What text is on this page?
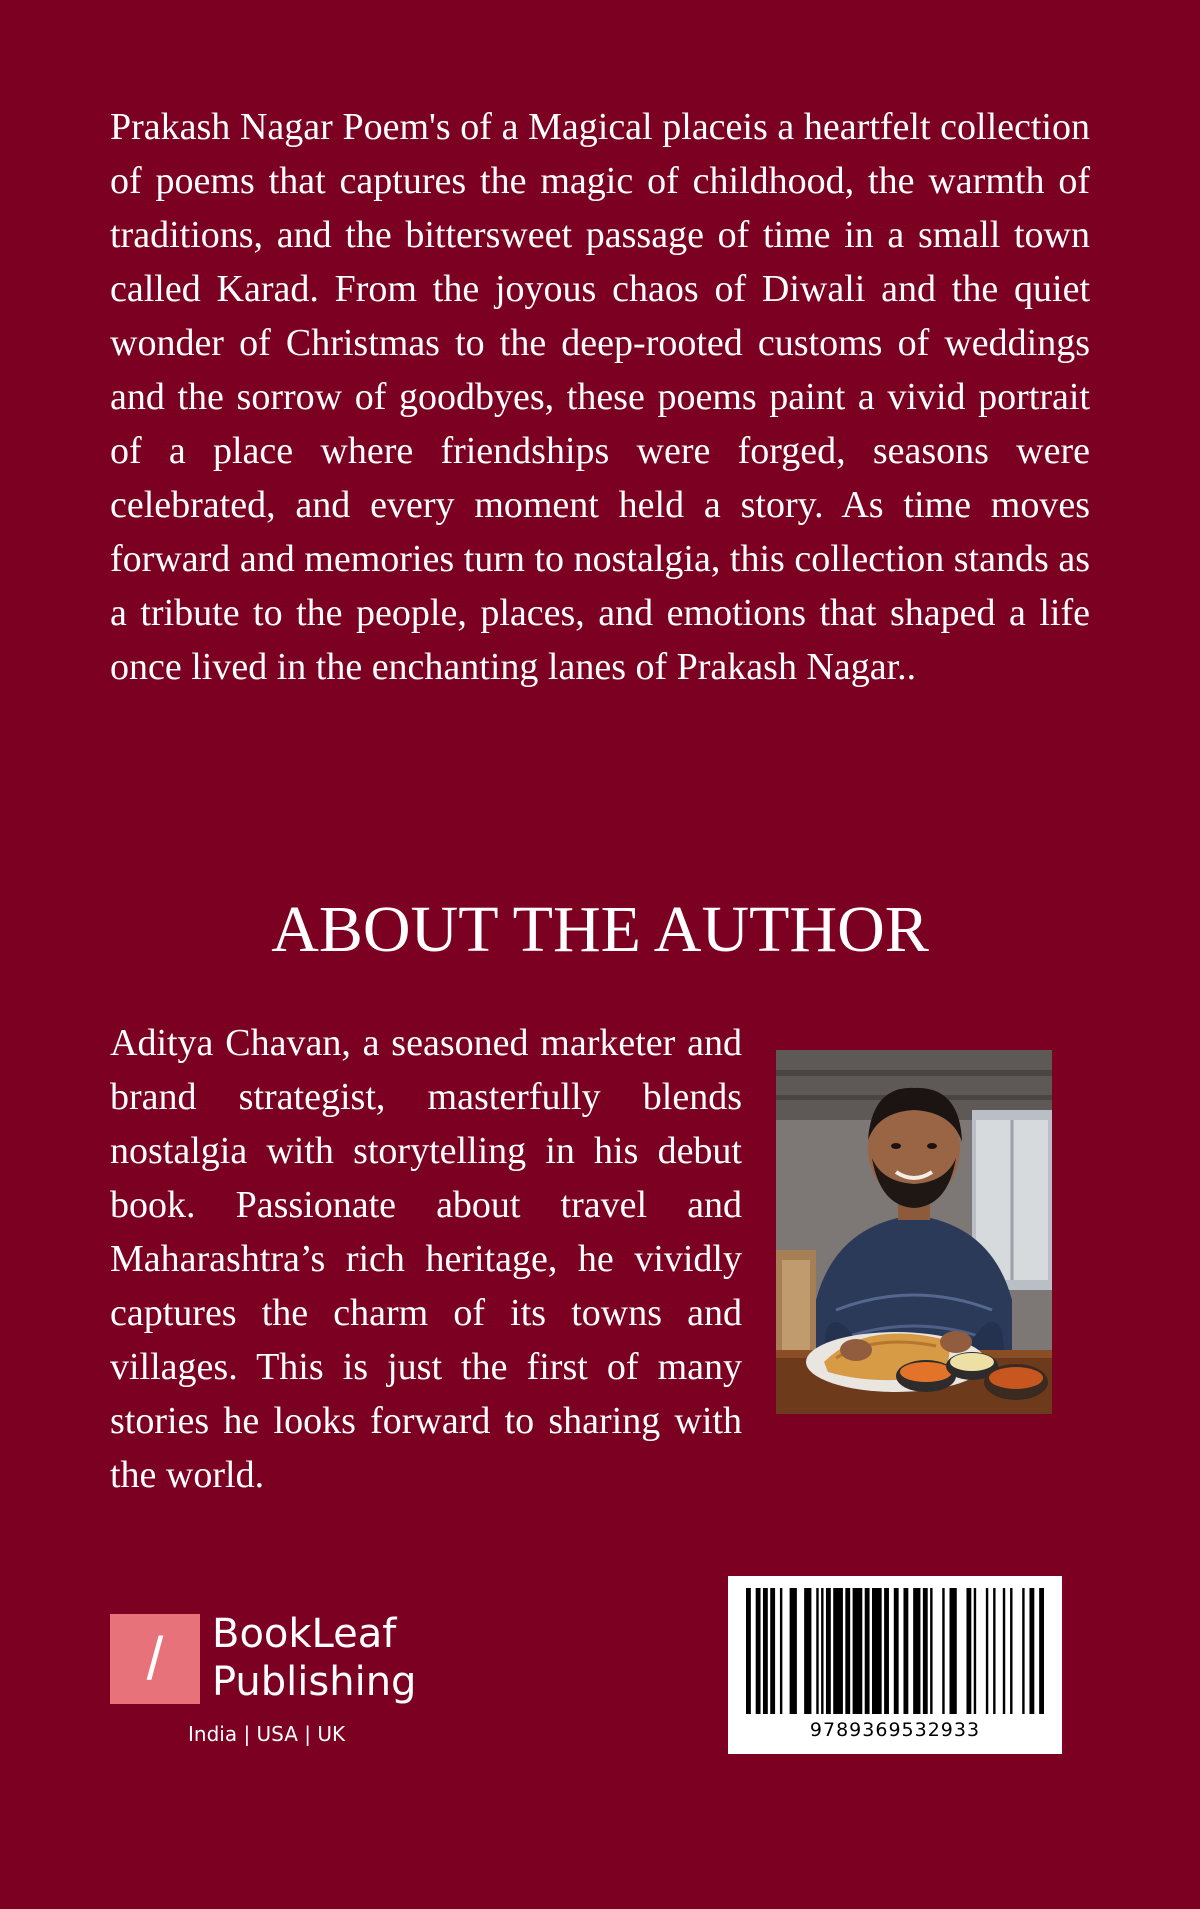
Prakash Nagar Poem's of a Magical placeis a heartfelt collection of poems that captures the magic of childhood, the warmth of traditions, and the bittersweet passage of time in a small town called Karad. From the joyous chaos of Diwali and the quiet wonder of Christmas to the deep-rooted customs of weddings and the sorrow of goodbyes, these poems paint a vivid portrait of a place where friendships were forged, seasons were celebrated, and every moment held a story. As time moves forward and memories turn to nostalgia, this collection stands as a tribute to the people, places, and emotions that shaped a life once lived in the enchanting lanes of Prakash Nagar..

ABOUT THE AUTHOR

Aditya Chavan, a seasoned marketer and brand strategist, masterfully blends nostalgia with storytelling in his debut book. Passionate about travel and Maharashtra’s rich heritage, he vividly captures the charm of its towns and villages. This is just the first of many stories he looks forward to sharing with the world.

/	BookLeaf
Publishing
India | USA | UK	9789369532933
